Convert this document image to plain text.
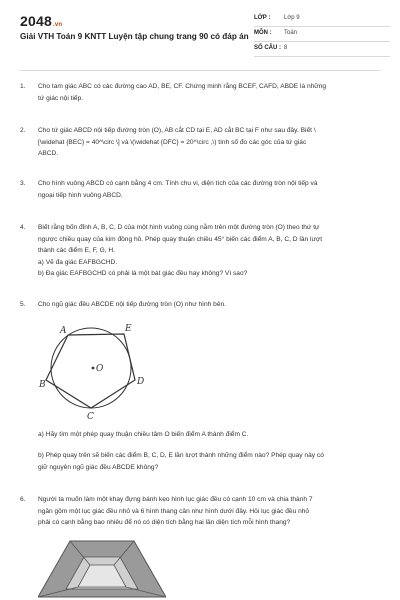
2048.vn
Giải VTH Toán 9 KNTT Luyện tập chung trang 90 có đáp án
LỚP : Lớp 9
MÔN : Toán
SỐ CÂU : 8
1. Cho tam giác ABC có các đường cao AD, BE, CF. Chứng minh rằng BCEF, CAFD, ABDE là những
tứ giác nội tiếp.
2. Cho tứ giác ABCD nội tiếp đường tròn (O), AB cắt CD tại E, AD cắt BC tại F như sau đây. Biết \
[\widehat {BEC} = 40^\circ \] và \(\widehat {DFC} = 20^\circ ,\) tính số đo các góc của tứ giác
ABCD.
3. Cho hình vuông ABCD có cạnh bằng 4 cm. Tính chu vi, diện tích của các đường tròn nội tiếp và
ngoại tiếp hình vuông ABCD.
4. Biết rằng bốn đỉnh A, B, C, D của một hình vuông cùng nằm trên một đường tròn (O) theo thứ tự
ngược chiều quay của kim đồng hồ. Phép quay thuận chiều 45° biến các điểm A, B, C, D lần lượt
thành các điểm E, F, G, H.
a) Vẽ đa giác EAFBGCHD.
b) Đa giác EAFBGCHD có phải là một bát giác đều hay không? Vì sao?
5. Cho ngũ giác đều ABCDE nội tiếp đường tròn (O) như hình bên.
A
B
C
D
E
O
a) Hãy tìm một phép quay thuận chiều tâm O biến điểm A thành điểm C.
b) Phép quay trên sẽ biến các điểm B, C, D, E lần lượt thành những điểm nào? Phép quay này có
giữ nguyên ngũ giác đều ABCDE không?
6. Người ta muốn làm một khay đựng bánh kẹo hình lục giác đều có cạnh 10 cm và chia thành 7
ngăn gồm một lục giác đều nhỏ và 6 hình thang cân như hình dưới đây. Hỏi lục giác đều nhỏ
phải có cạnh bằng bao nhiêu để nó có diện tích bằng hai lần diện tích mỗi hình thang?
